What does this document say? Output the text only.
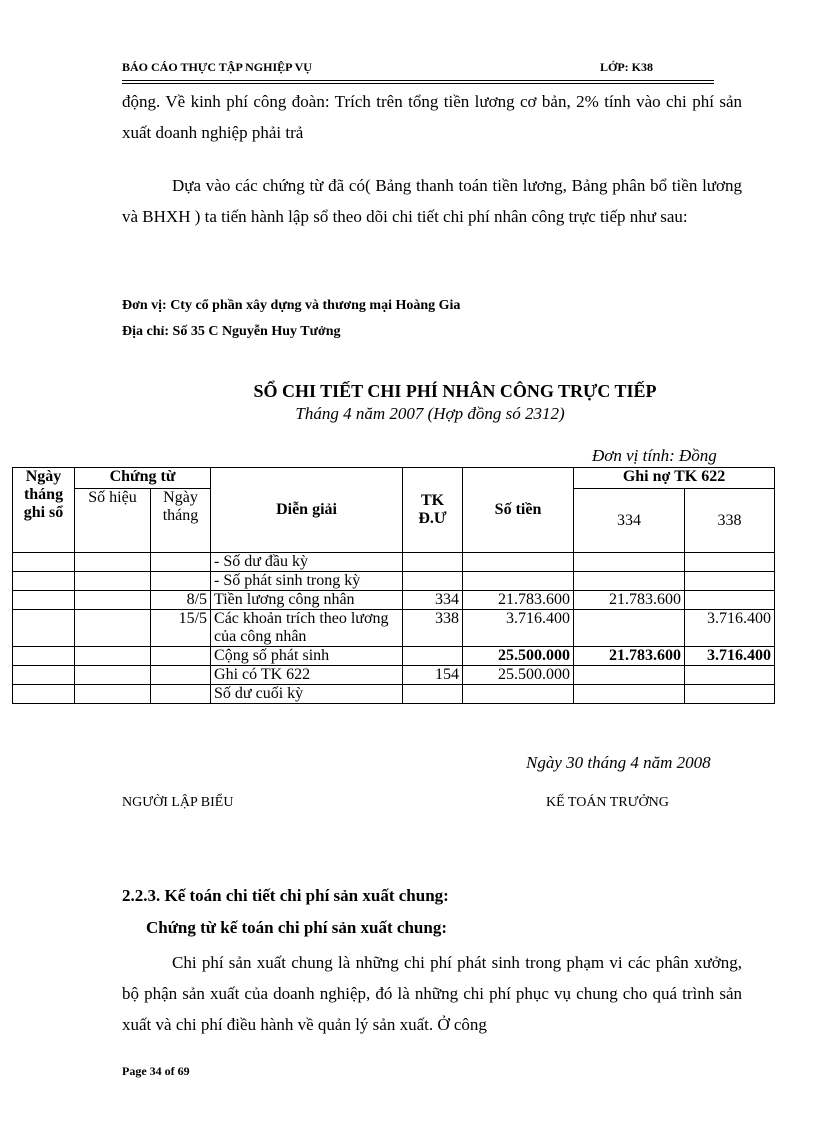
BÁO CÁO THỰC TẬP NGHIỆP VỤ	LỚP: K38
động. Về kinh phí công đoàn: Trích trên tổng tiền lương cơ bản, 2% tính vào chi phí sản xuất doanh nghiệp phải trả
Dựa vào các chứng từ đã có( Bảng thanh toán tiền lương, Bảng phân bổ tiền lương và BHXH ) ta tiến hành lập sổ theo dõi chi tiết chi phí nhân công trực tiếp như sau:
Đơn vị: Cty cổ phần xây dựng và thương mại Hoàng Gia
Địa chỉ: Số 35 C Nguyễn Huy Tưởng
SỔ CHI TIẾT CHI PHÍ NHÂN CÔNG TRỰC TIẾP
Tháng 4 năm 2007 (Hợp đồng só 2312)
Đơn vị tính: Đồng
Ngày tháng ghi sổ	Chứng từ		Diễn giải	TK Đ.Ư	Số tiền	Ghi nợ TK 622	
	Số hiệu	Ngày tháng				334	338
			- Số dư đầu kỳ				
			- Số phát sinh trong kỳ				
		8/5	Tiền lương công nhân	334	21.783.600	21.783.600	
		15/5	Các khoản trích theo lương của công nhân	338	3.716.400		3.716.400
			Cộng số phát sinh		25.500.000	21.783.600	3.716.400
			Ghi có TK 622	154	25.500.000		
			Số dư cuối kỳ				
Ngày 30 tháng 4 năm 2008
NGƯỜI LẬP BIỂU	KẾ TOÁN TRƯỞNG
2.2.3. Kế toán chi tiết chi phí sản xuất chung:
Chứng từ kế toán chi phí sản xuất chung:
Chi phí sản xuất chung là những chi phí phát sinh trong phạm vi các phân xưởng, bộ phận sản xuất của doanh nghiệp, đó là những chi phí phục vụ chung cho quá trình sản xuất và chi phí điều hành về quản lý sản xuất. Ở công
Page 34 of 69
